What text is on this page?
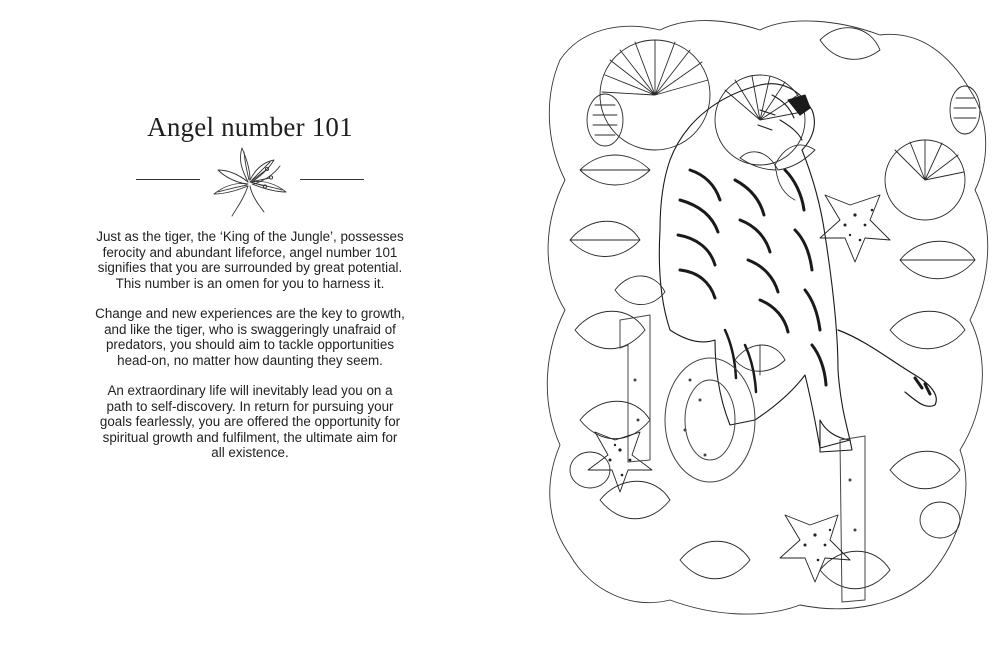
Angel number 101

Just as the tiger, the ‘King of the Jungle’, possesses ferocity and abundant lifeforce, angel number 101 signifies that you are surrounded by great potential. This number is an omen for you to harness it.

Change and new experiences are the key to growth, and like the tiger, who is swaggeringly unafraid of predators, you should aim to tackle opportunities head-on, no matter how daunting they seem.

An extraordinary life will inevitably lead you on a path to self-discovery. In return for pursuing your goals fearlessly, you are offered the opportunity for spiritual growth and fulfilment, the ultimate aim for all existence.
